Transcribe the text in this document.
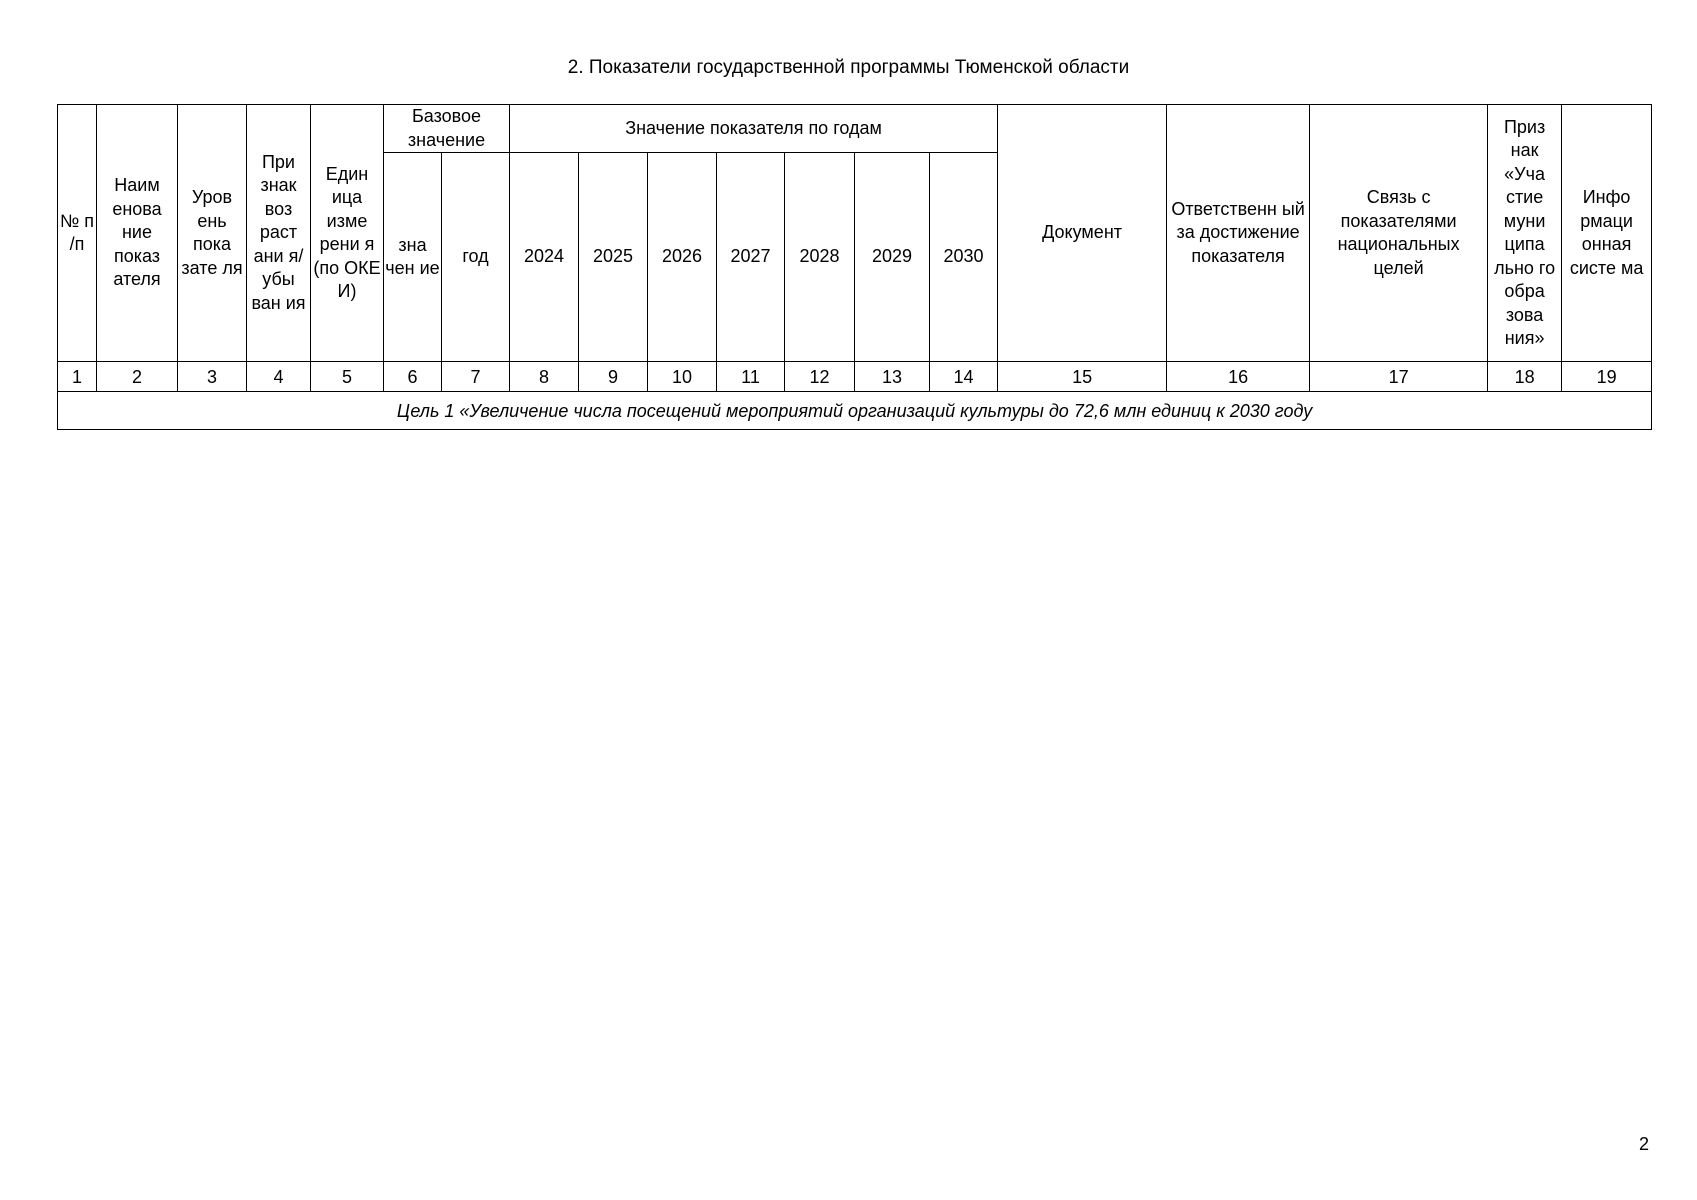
2. Показатели государственной программы Тюменской области
№ п /п	Наим енова ние показ ателя	Уров ень пока зате ля	При знак воз раст ани я/ убы ван ия	Един ица изме рени я (по ОКЕ И)	Базовое значение		Значение показателя по годам							Документ	Ответственн ый за достижение показателя	Связь с показателями национальных целей	Приз нак «Уча стие муни ципа льно го обра зова ния»	Инфо рмаци онная систе ма
					зна чен ие	год	2024	2025	2026	2027	2028	2029	2030					
1	2	3	4	5	6	7	8	9	10	11	12	13	14	15	16	17	18	19
Цель 1 «Увеличение числа посещений мероприятий организаций культуры до 72,6 млн единиц к 2030 году																		
2
